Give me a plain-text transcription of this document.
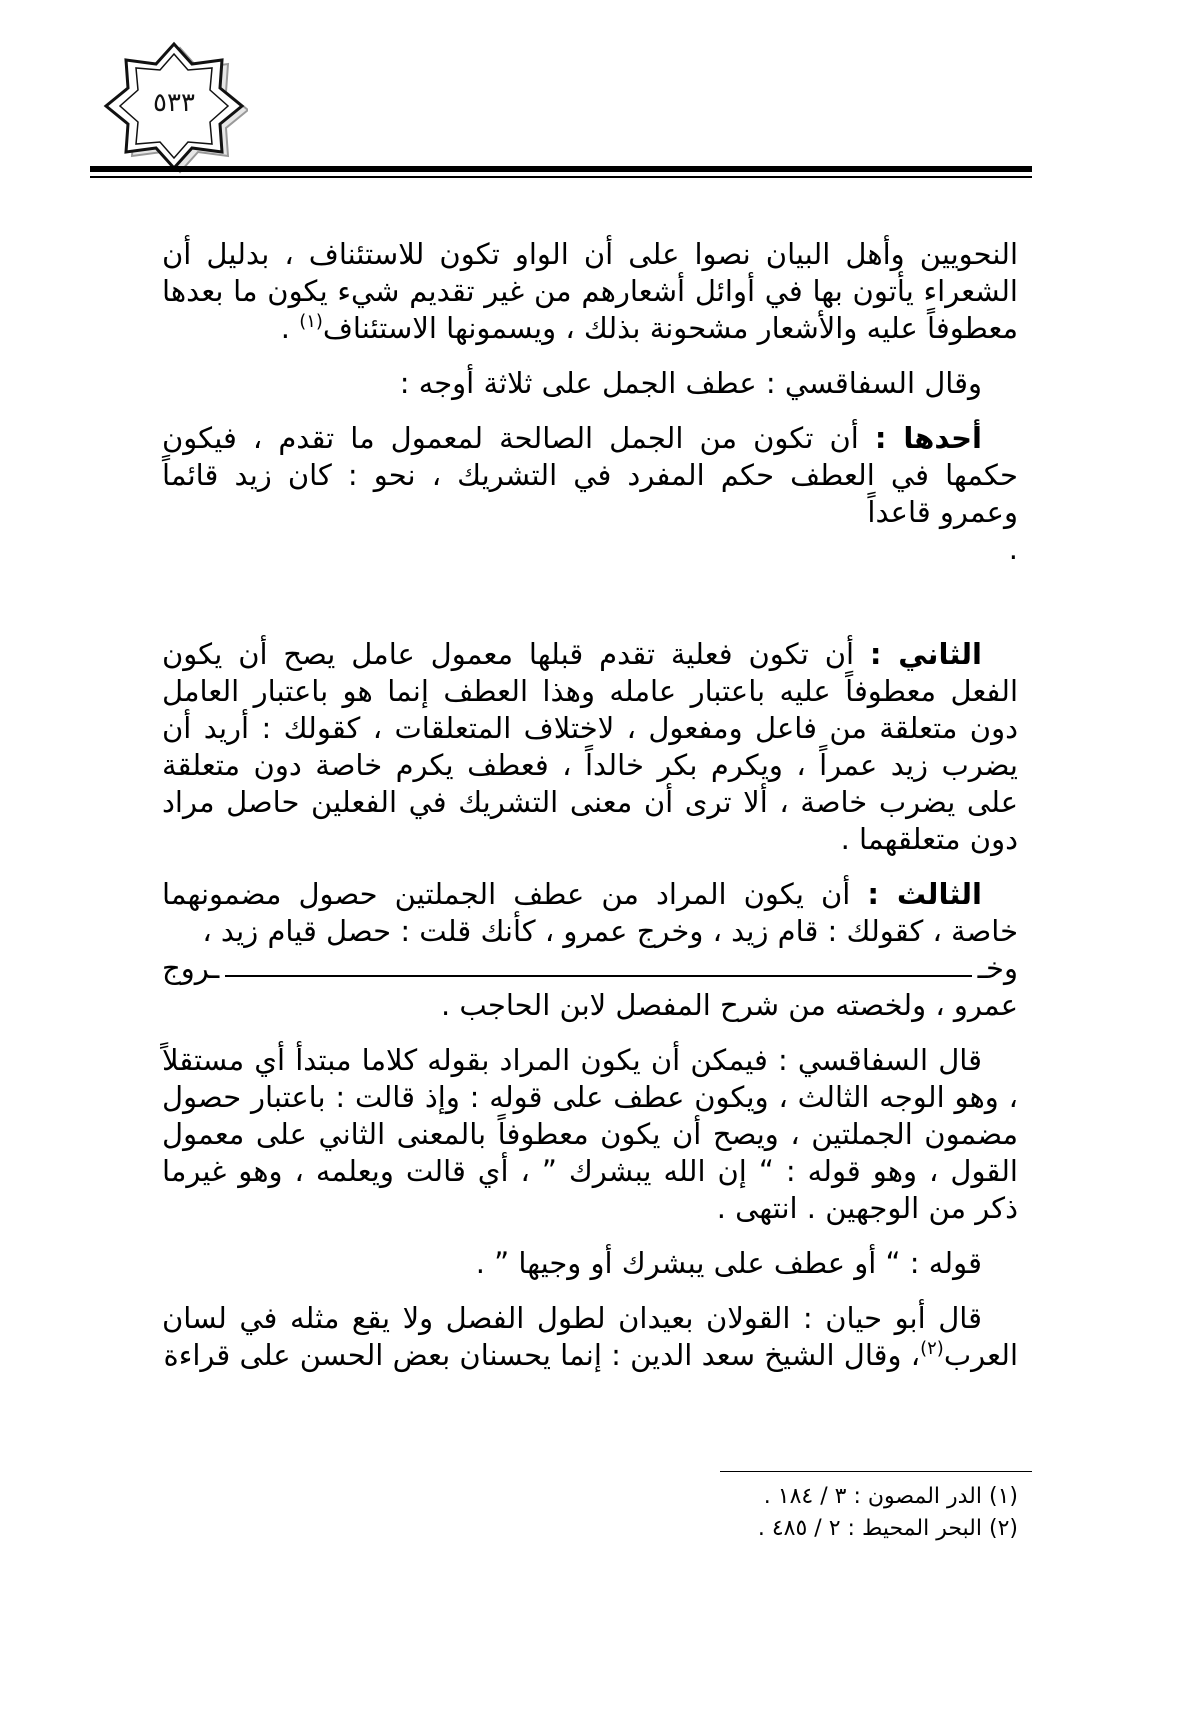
٥٣٣

النحويين وأهل البيان نصوا على أن الواو تكون للاستئناف ، بدليل أن الشعراء يأتون بها في أوائل أشعارهم من غير تقديم شيء يكون ما بعدها معطوفاً عليه والأشعار مشحونة بذلك ، ويسمونها الاستئناف$^{(١)}$ .

وقال السفاقسي : عطف الجمل على ثلاثة أوجه :

أحدها : أن تكون من الجمل الصالحة لمعمول ما تقدم ، فيكون حكمها في العطف حكم المفرد في التشريك ، نحو : كان زيد قائماً وعمرو قاعداً
.

الثاني : أن تكون فعلية تقدم قبلها معمول عامل يصح أن يكون الفعل معطوفاً عليه باعتبار عامله وهذا العطف إنما هو باعتبار العامل دون متعلقة من فاعل ومفعول ، لاختلاف المتعلقات ، كقولك : أريد أن يضرب زيد عمراً ، ويكرم بكر خالداً ، فعطف يكرم خاصة دون متعلقة على يضرب خاصة ، ألا ترى أن معنى التشريك في الفعلين حاصل مراد دون متعلقهما .

الثالث : أن يكون المراد من عطف الجملتين حصول مضمونهما خاصة ، كقولك : قام زيد ، وخرج عمرو ، كأنك قلت : حصل قيام زيد ،

وخـ
ـروج

عمرو ، ولخصته من شرح المفصل لابن الحاجب .

قال السفاقسي : فيمكن أن يكون المراد بقوله كلاما مبتدأ أي مستقلاً ، وهو الوجه الثالث ، ويكون عطف على قوله : وإذ قالت : باعتبار حصول مضمون الجملتين ، ويصح أن يكون معطوفاً بالمعنى الثاني على معمول القول ، وهو قوله : “ إن الله يبشرك ” ، أي قالت ويعلمه ، وهو غيرما ذكر من الوجهين . انتهى .

قوله : “ أو عطف على يبشرك أو وجيها ” .

قال أبو حيان : القولان بعيدان لطول الفصل ولا يقع مثله في لسان العرب$^{(٢)}$، وقال الشيخ سعد الدين : إنما يحسنان بعض الحسن على قراءة

(١) الدر المصون : ٣ / ١٨٤ .

(٢) البحر المحيط : ٢ / ٤٨٥ .
